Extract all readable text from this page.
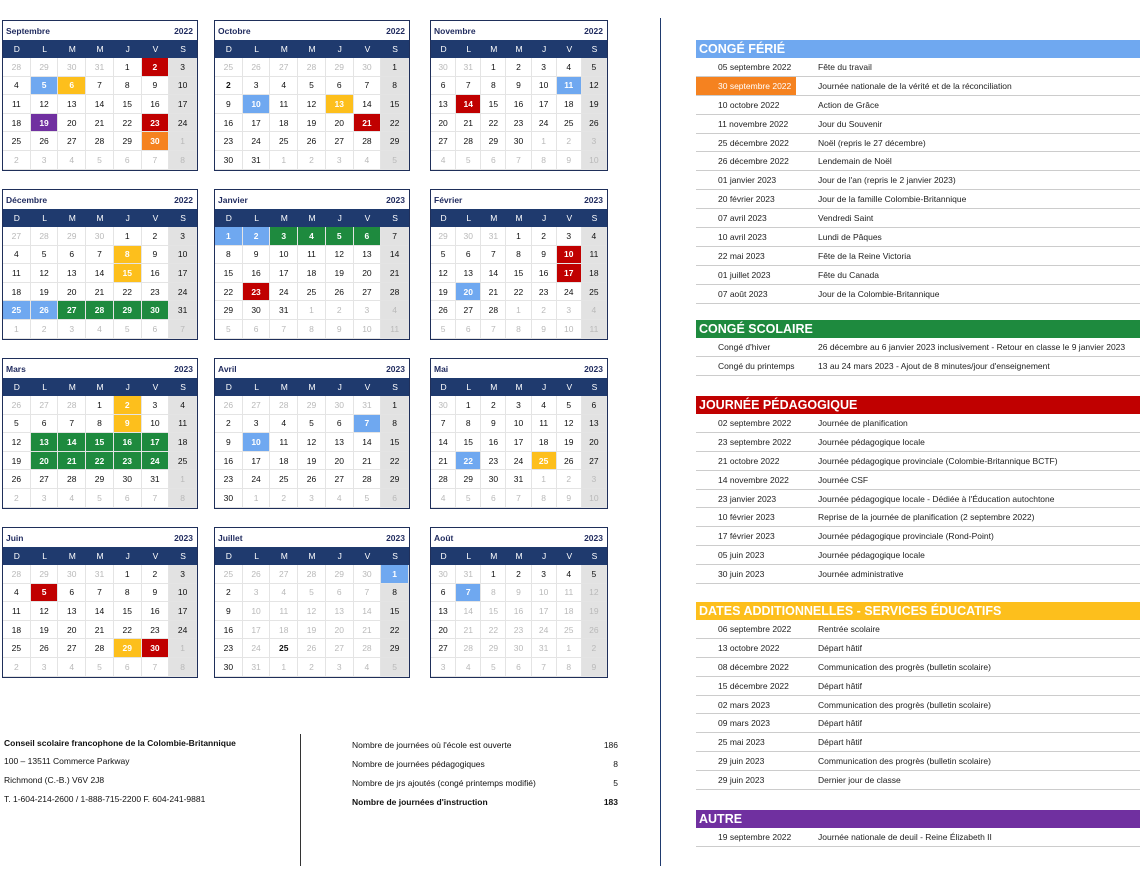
Septembre	2022
D	L	M	M	J	V	S
28	29	30	31	1	2	3
4	5	6	7	8	9	10
11	12	13	14	15	16	17
18	19	20	21	22	23	24
25	26	27	28	29	30	1
2	3	4	5	6	7	8
Octobre	2022
D	L	M	M	J	V	S
25	26	27	28	29	30	1
2	3	4	5	6	7	8
9	10	11	12	13	14	15
16	17	18	19	20	21	22
23	24	25	26	27	28	29
30	31	1	2	3	4	5
Novembre	2022
D	L	M	M	J	V	S
30	31	1	2	3	4	5
6	7	8	9	10	11	12
13	14	15	16	17	18	19
20	21	22	23	24	25	26
27	28	29	30	1	2	3
4	5	6	7	8	9	10
Décembre	2022
D	L	M	M	J	V	S
27	28	29	30	1	2	3
4	5	6	7	8	9	10
11	12	13	14	15	16	17
18	19	20	21	22	23	24
25	26	27	28	29	30	31
1	2	3	4	5	6	7
Janvier	2023
D	L	M	M	J	V	S
1	2	3	4	5	6	7
8	9	10	11	12	13	14
15	16	17	18	19	20	21
22	23	24	25	26	27	28
29	30	31	1	2	3	4
5	6	7	8	9	10	11
Février	2023
D	L	M	M	J	V	S
29	30	31	1	2	3	4
5	6	7	8	9	10	11
12	13	14	15	16	17	18
19	20	21	22	23	24	25
26	27	28	1	2	3	4
5	6	7	8	9	10	11
Mars	2023
D	L	M	M	J	V	S
26	27	28	1	2	3	4
5	6	7	8	9	10	11
12	13	14	15	16	17	18
19	20	21	22	23	24	25
26	27	28	29	30	31	1
2	3	4	5	6	7	8
Avril	2023
D	L	M	M	J	V	S
26	27	28	29	30	31	1
2	3	4	5	6	7	8
9	10	11	12	13	14	15
16	17	18	19	20	21	22
23	24	25	26	27	28	29
30	1	2	3	4	5	6
Mai	2023
D	L	M	M	J	V	S
30	1	2	3	4	5	6
7	8	9	10	11	12	13
14	15	16	17	18	19	20
21	22	23	24	25	26	27
28	29	30	31	1	2	3
4	5	6	7	8	9	10
Juin	2023
D	L	M	M	J	V	S
28	29	30	31	1	2	3
4	5	6	7	8	9	10
11	12	13	14	15	16	17
18	19	20	21	22	23	24
25	26	27	28	29	30	1
2	3	4	5	6	7	8
Juillet	2023
D	L	M	M	J	V	S
25	26	27	28	29	30	1
2	3	4	5	6	7	8
9	10	11	12	13	14	15
16	17	18	19	20	21	22
23	24	25	26	27	28	29
30	31	1	2	3	4	5
Août	2023
D	L	M	M	J	V	S
30	31	1	2	3	4	5
6	7	8	9	10	11	12
13	14	15	16	17	18	19
20	21	22	23	24	25	26
27	28	29	30	31	1	2
3	4	5	6	7	8	9
CONGÉ FÉRIÉ
05 septembre 2022	Fête du travail
30 septembre 2022	Journée nationale de la vérité et de la réconciliation
10 octobre 2022	Action de Grâce
11 novembre 2022	Jour du Souvenir
25 décembre 2022	Noël (repris le 27 décembre)
26 décembre 2022	Lendemain de Noël
01 janvier 2023	Jour de l'an (repris le 2 janvier 2023)
20 février 2023	Jour de la famille Colombie-Britannique
07 avril 2023	Vendredi Saint
10 avril 2023	Lundi de Pâques
22 mai 2023	Fête de la Reine Victoria
01 juillet 2023	Fête du Canada
07 août 2023	Jour de la Colombie-Britannique
CONGÉ SCOLAIRE
Congé d'hiver	26 décembre au 6 janvier 2023 inclusivement - Retour en classe le 9 janvier 2023
Congé du printemps	13 au 24 mars 2023 - Ajout de 8 minutes/jour d'enseignement
JOURNÉE PÉDAGOGIQUE
02 septembre 2022	Journée de planification
23 septembre 2022	Journée pédagogique locale
21 octobre 2022	Journée pédagogique provinciale (Colombie-Britannique BCTF)
14 novembre 2022	Journée CSF
23 janvier 2023	Journée pédagogique locale - Dédiée à l'Éducation autochtone
10 février 2023	Reprise de la journée de planification (2 septembre 2022)
17 février 2023	Journée pédagogique provinciale (Rond-Point)
05 juin 2023	Journée pédagogique locale
30 juin 2023	Journée administrative
DATES ADDITIONNELLES - SERVICES ÉDUCATIFS
06 septembre 2022	Rentrée scolaire
13 octobre 2022	Départ hâtif
08 décembre 2022	Communication des progrès (bulletin scolaire)
15 décembre 2022	Départ hâtif
02 mars 2023	Communication des progrès (bulletin scolaire)
09 mars 2023	Départ hâtif
25 mai 2023	Départ hâtif
29 juin 2023	Communication des progrès (bulletin scolaire)
29 juin 2023	Dernier jour de classe
AUTRE
19 septembre 2022	Journée nationale de deuil - Reine Élizabeth II
Conseil scolaire francophone de la Colombie-Britannique
100 – 13511 Commerce Parkway
Richmond (C.-B.) V6V 2J8
T. 1-604-214-2600 / 1-888-715-2200 F. 604-241-9881
Nombre de journées où l'école est ouverte	186
Nombre de journées pédagogiques	8
Nombre de jrs ajoutés (congé printemps modifié)	5
Nombre de journées d'instruction	183
